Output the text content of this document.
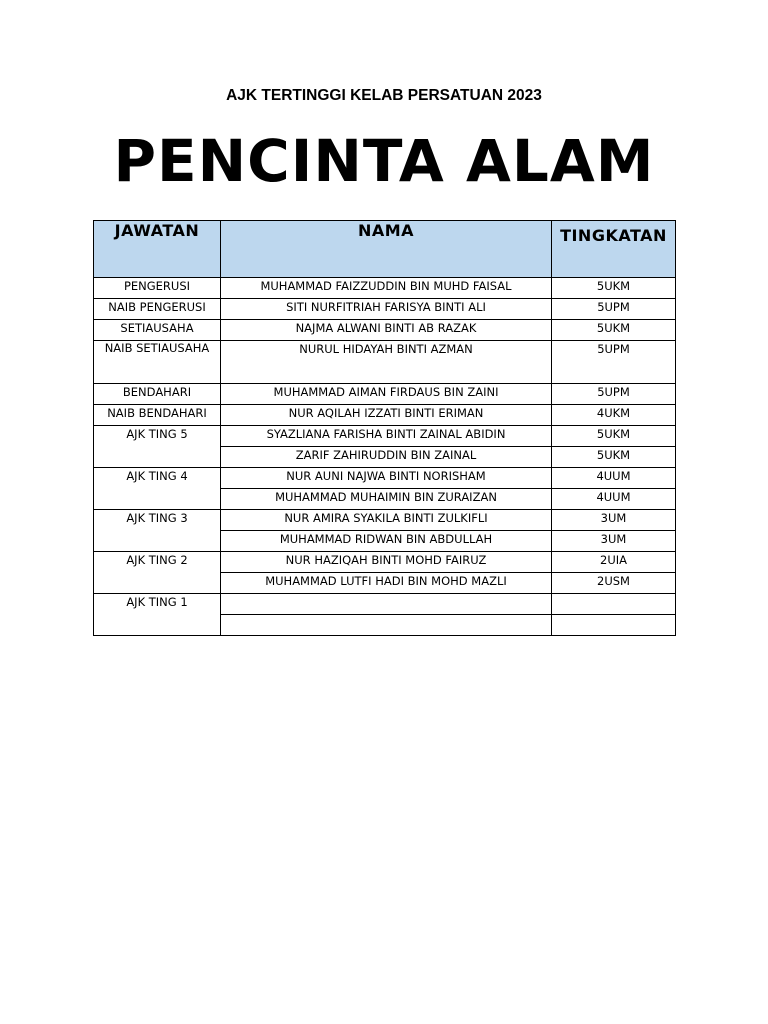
AJK TERTINGGI KELAB PERSATUAN 2023
PENCINTA ALAM
JAWATAN	NAMA	TINGKATAN
PENGERUSI	MUHAMMAD FAIZZUDDIN BIN MUHD FAISAL	5UKM
NAIB PENGERUSI	SITI NURFITRIAH FARISYA BINTI ALI	5UPM
SETIAUSAHA	NAJMA ALWANI BINTI AB RAZAK	5UKM

NAIB SETIAUSAHA	NURUL HIDAYAH BINTI AZMAN	5UPM
BENDAHARI	MUHAMMAD AIMAN FIRDAUS BIN ZAINI	5UPM
NAIB BENDAHARI	NUR AQILAH IZZATI BINTI ERIMAN	4UKM
AJK TING 5	SYAZLIANA FARISHA BINTI ZAINAL ABIDIN	5UKM
	ZARIF ZAHIRUDDIN BIN ZAINAL	5UKM
AJK TING 4	NUR AUNI NAJWA BINTI NORISHAM	4UUM
	MUHAMMAD MUHAIMIN BIN ZURAIZAN	4UUM
AJK TING 3	NUR AMIRA SYAKILA BINTI ZULKIFLI	3UM
	MUHAMMAD RIDWAN BIN ABDULLAH	3UM
AJK TING 2	NUR HAZIQAH BINTI MOHD FAIRUZ	2UIA
	MUHAMMAD LUTFI HADI BIN MOHD MAZLI	2USM
AJK TING 1		
